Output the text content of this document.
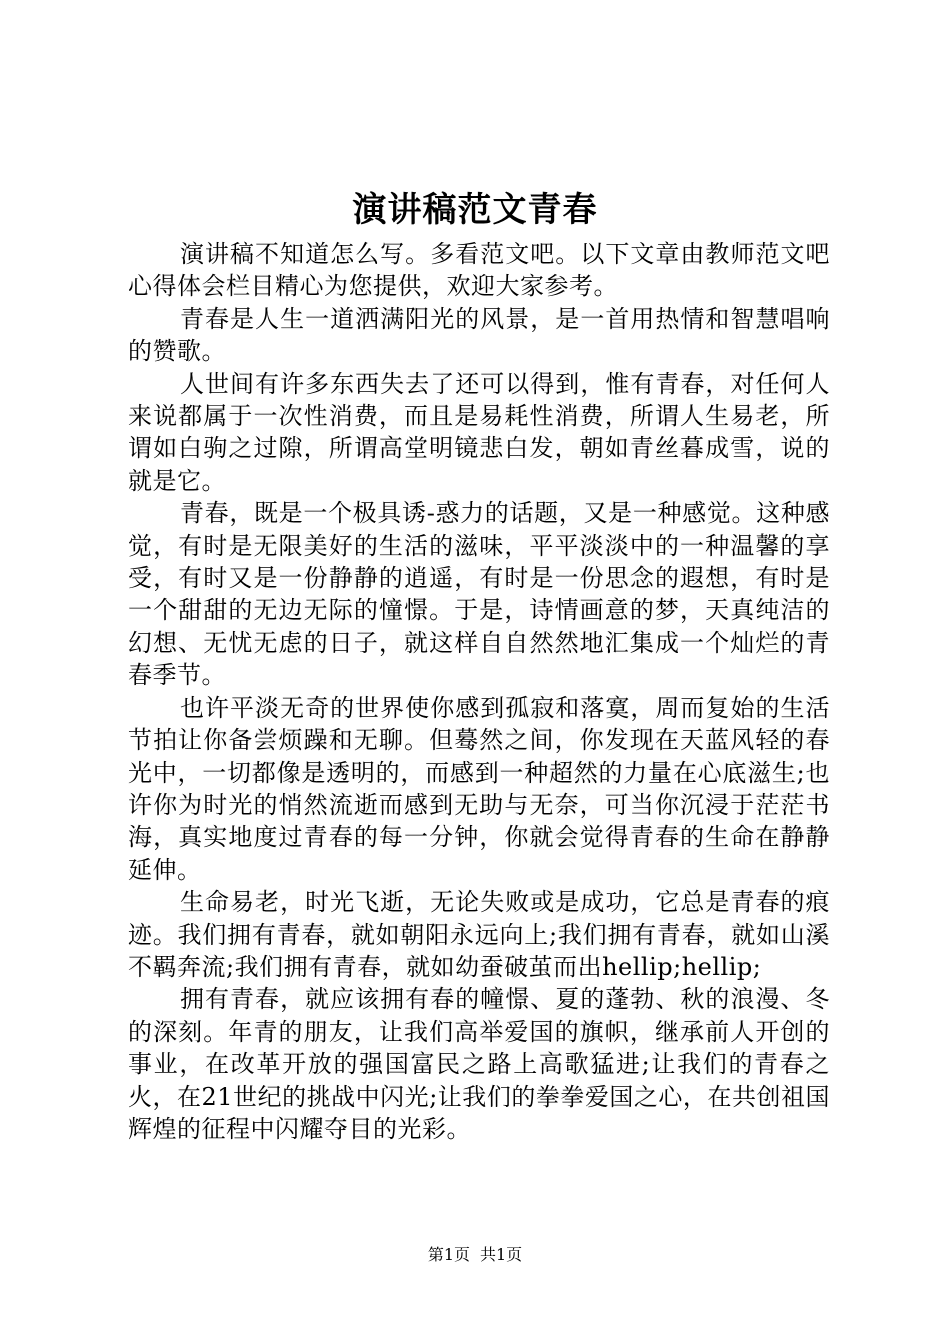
演讲稿范文青春

演讲稿不知道怎么写。多看范文吧。以下文章由教师范文吧心得体会栏目精心为您提供，欢迎大家参考。

青春是人生一道洒满阳光的风景，是一首用热情和智慧唱响的赞歌。

人世间有许多东西失去了还可以得到，惟有青春，对任何人来说都属于一次性消费，而且是易耗性消费，所谓人生易老，所谓如白驹之过隙，所谓高堂明镜悲白发，朝如青丝暮成雪，说的就是它。

青春，既是一个极具诱-惑力的话题，又是一种感觉。这种感觉，有时是无限美好的生活的滋味，平平淡淡中的一种温馨的享受，有时又是一份静静的逍遥，有时是一份思念的遐想，有时是一个甜甜的无边无际的憧憬。于是，诗情画意的梦，天真纯洁的幻想、无忧无虑的日子，就这样自自然然地汇集成一个灿烂的青春季节。

也许平淡无奇的世界使你感到孤寂和落寞，周而复始的生活节拍让你备尝烦躁和无聊。但蓦然之间，你发现在天蓝风轻的春光中，一切都像是透明的，而感到一种超然的力量在心底滋生;也许你为时光的悄然流逝而感到无助与无奈，可当你沉浸于茫茫书海，真实地度过青春的每一分钟，你就会觉得青春的生命在静静延伸。

生命易老，时光飞逝，无论失败或是成功，它总是青春的痕迹。我们拥有青春，就如朝阳永远向上;我们拥有青春，就如山溪不羁奔流;我们拥有青春，就如幼蚕破茧而出hellip;hellip;

拥有青春，就应该拥有春的幢憬、夏的蓬勃、秋的浪漫、冬的深刻。年青的朋友，让我们高举爱国的旗帜，继承前人开创的事业，在改革开放的强国富民之路上高歌猛进;让我们的青春之火，在21世纪的挑战中闪光;让我们的拳拳爱国之心，在共创祖国辉煌的征程中闪耀夺目的光彩。

第1页 共1页
